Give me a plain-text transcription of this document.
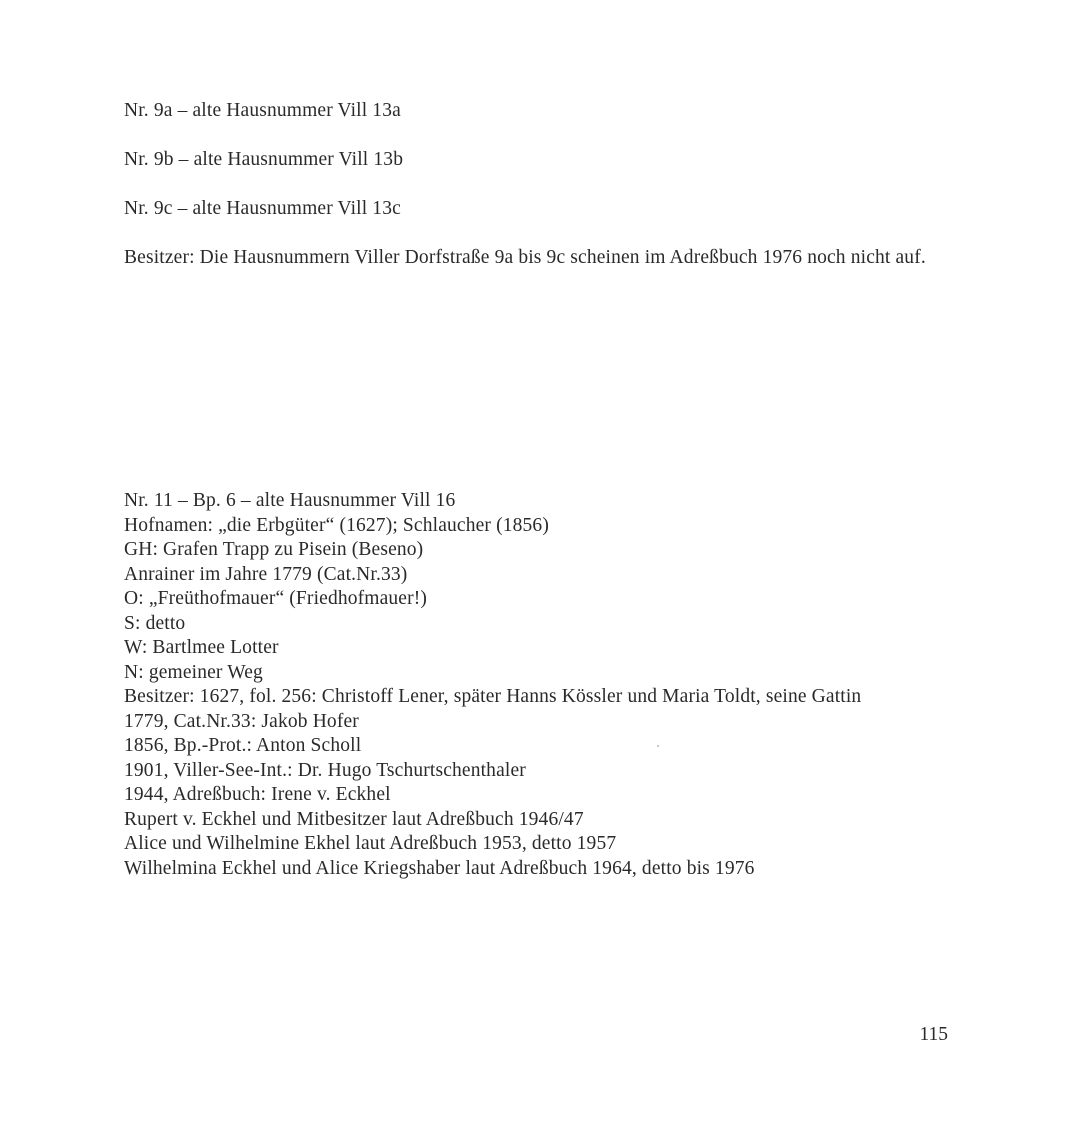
Nr. 9a – alte Hausnummer Vill 13a
Nr. 9b – alte Hausnummer Vill 13b
Nr. 9c – alte Hausnummer Vill 13c
Besitzer: Die Hausnummern Viller Dorfstraße 9a bis 9c scheinen im Adreßbuch 1976 noch nicht auf.
Nr. 11 – Bp. 6 – alte Hausnummer Vill 16
Hofnamen: „die Erbgüter“ (1627); Schlaucher (1856)
GH: Grafen Trapp zu Pisein (Beseno)
Anrainer im Jahre 1779 (Cat.Nr.33)
O: „Freüthofmauer“ (Friedhofmauer!)
S: detto
W: Bartlmee Lotter
N: gemeiner Weg
Besitzer: 1627, fol. 256: Christoff Lener, später Hanns Kössler und Maria Toldt, seine Gattin
1779, Cat.Nr.33: Jakob Hofer
1856, Bp.-Prot.: Anton Scholl
1901, Viller-See-Int.: Dr. Hugo Tschurtschenthaler
1944, Adreßbuch: Irene v. Eckhel
Rupert v. Eckhel und Mitbesitzer laut Adreßbuch 1946/47
Alice und Wilhelmine Ekhel laut Adreßbuch 1953, detto 1957
Wilhelmina Eckhel und Alice Kriegshaber laut Adreßbuch 1964, detto bis 1976
115
